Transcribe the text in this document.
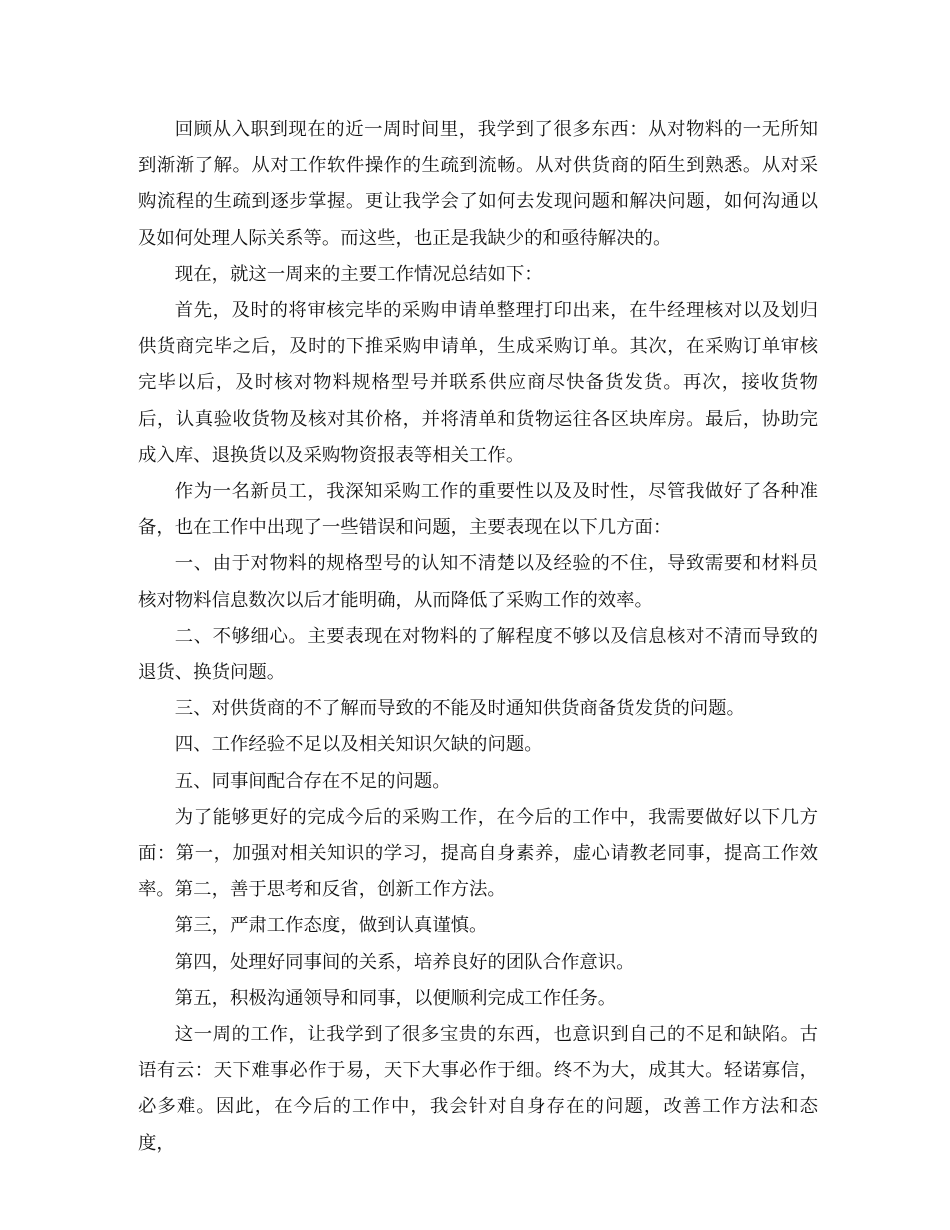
回顾从入职到现在的近一周时间里，我学到了很多东西：从对物料的一无所知到渐渐了解。从对工作软件操作的生疏到流畅。从对供货商的陌生到熟悉。从对采购流程的生疏到逐步掌握。更让我学会了如何去发现问题和解决问题，如何沟通以及如何处理人际关系等。而这些，也正是我缺少的和亟待解决的。

现在，就这一周来的主要工作情况总结如下：

首先，及时的将审核完毕的采购申请单整理打印出来，在牛经理核对以及划归供货商完毕之后，及时的下推采购申请单，生成采购订单。其次，在采购订单审核完毕以后，及时核对物料规格型号并联系供应商尽快备货发货。再次，接收货物后，认真验收货物及核对其价格，并将清单和货物运往各区块库房。最后，协助完成入库、退换货以及采购物资报表等相关工作。

作为一名新员工，我深知采购工作的重要性以及及时性，尽管我做好了各种准备，也在工作中出现了一些错误和问题，主要表现在以下几方面：

一、由于对物料的规格型号的认知不清楚以及经验的不住，导致需要和材料员核对物料信息数次以后才能明确，从而降低了采购工作的效率。

二、不够细心。主要表现在对物料的了解程度不够以及信息核对不清而导致的退货、换货问题。

三、对供货商的不了解而导致的不能及时通知供货商备货发货的问题。

四、工作经验不足以及相关知识欠缺的问题。

五、同事间配合存在不足的问题。

为了能够更好的完成今后的采购工作，在今后的工作中，我需要做好以下几方面：第一，加强对相关知识的学习，提高自身素养，虚心请教老同事，提高工作效率。第二，善于思考和反省，创新工作方法。

第三，严肃工作态度，做到认真谨慎。

第四，处理好同事间的关系，培养良好的团队合作意识。

第五，积极沟通领导和同事，以便顺利完成工作任务。

这一周的工作，让我学到了很多宝贵的东西，也意识到自己的不足和缺陷。古语有云：天下难事必作于易，天下大事必作于细。终不为大，成其大。轻诺寡信，必多难。因此，在今后的工作中，我会针对自身存在的问题，改善工作方法和态度，
